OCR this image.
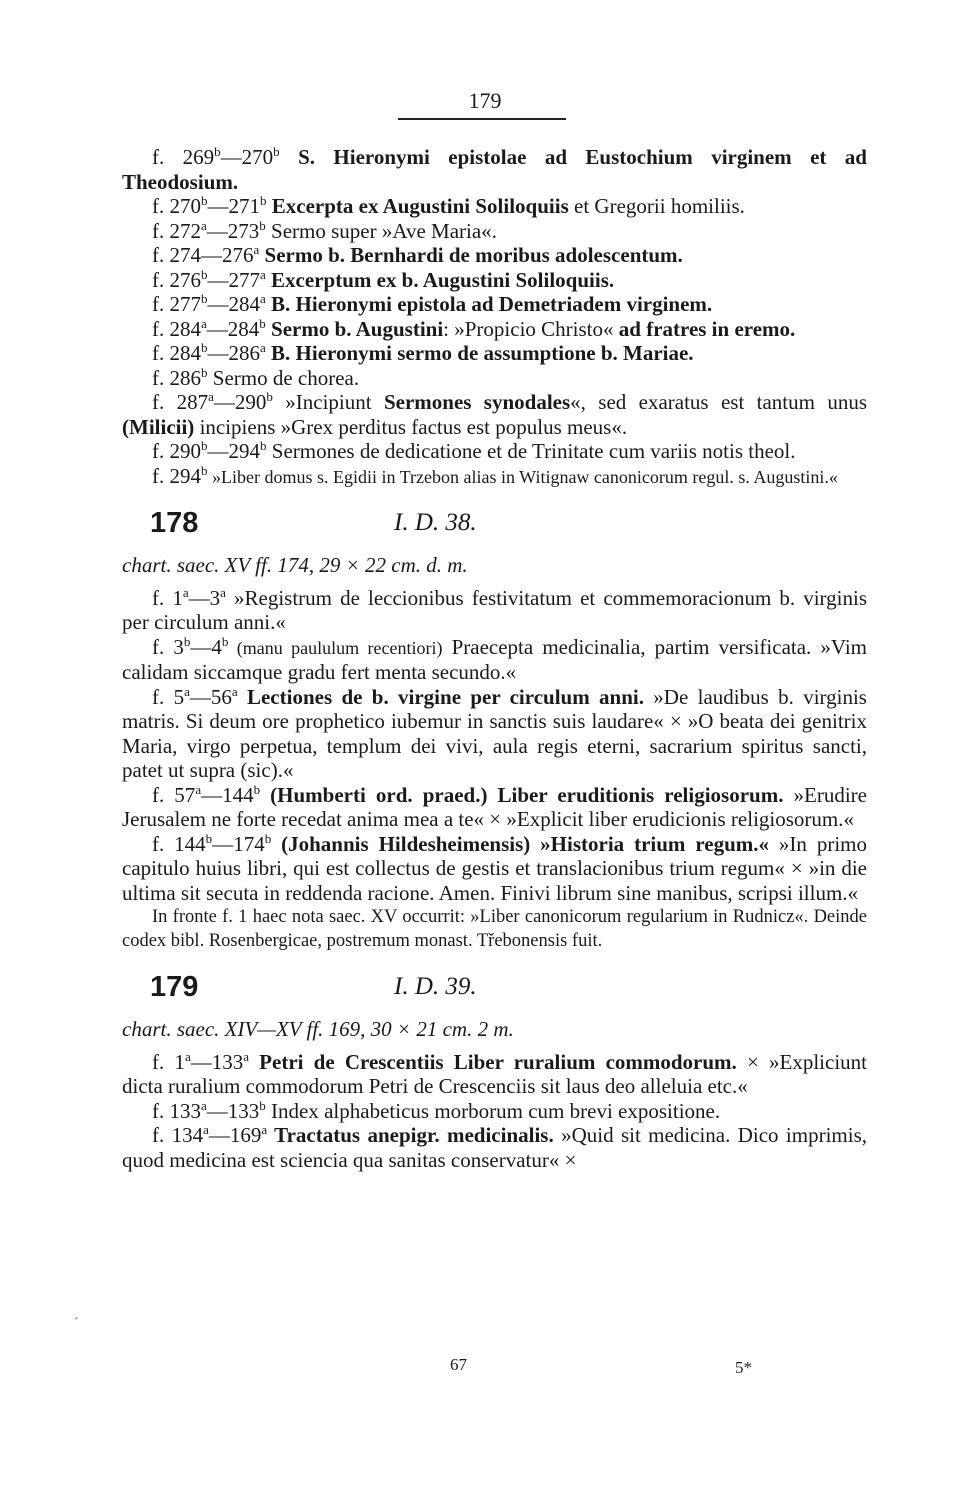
179
f. 269$^b$—270$^b$ S. Hieronymi epistolae ad Eustochium virginem et ad Theodosium.
f. 270$^b$—271$^b$ Excerpta ex Augustini Soliloquiis et Gregorii homiliis.
f. 272$^a$—273$^b$ Sermo super »Ave Maria«.
f. 274—276$^a$ Sermo b. Bernhardi de moribus adolescentum.
f. 276$^b$—277$^a$ Excerptum ex b. Augustini Soliloquiis.
f. 277$^b$—284$^a$ B. Hieronymi epistola ad Demetriadem virginem.
f. 284$^a$—284$^b$ Sermo b. Augustini: »Propicio Christo« ad fratres in eremo.
f. 284$^b$—286$^a$ B. Hieronymi sermo de assumptione b. Mariae.
f. 286$^b$ Sermo de chorea.
f. 287$^a$—290$^b$ »Incipiunt Sermones synodales«, sed exaratus est tantum unus (Milicii) incipiens »Grex perditus factus est populus meus«.
f. 290$^b$—294$^b$ Sermones de dedicatione et de Trinitate cum variis notis theol.
f. 294$^b$ »Liber domus s. Egidii in Trzebon alias in Witignaw canonicorum regul. s. Augustini.«
178	I. D. 38.
chart. saec. XV ff. 174, 29 × 22 cm. d. m.
f. 1$^a$—3$^a$ »Registrum de leccionibus festivitatum et commemoracionum b. virginis per circulum anni.«
f. 3$^b$—4$^b$ (manu paululum recentiori) Praecepta medicinalia, partim versificata. »Vim calidam siccamque gradu fert menta secundo.«
f. 5$^a$—56$^a$ Lectiones de b. virgine per circulum anni. »De laudibus b. virginis matris. Si deum ore prophetico iubemur in sanctis suis laudare« × »O beata dei genitrix Maria, virgo perpetua, templum dei vivi, aula regis eterni, sacrarium spiritus sancti, patet ut supra (sic).«
f. 57$^a$—144$^b$ (Humberti ord. praed.) Liber eruditionis religiosorum. »Erudire Jerusalem ne forte recedat anima mea a te« × »Explicit liber erudicionis religiosorum.«
f. 144$^b$—174$^b$ (Johannis Hildesheimensis) »Historia trium regum.« »In primo capitulo huius libri, qui est collectus de gestis et translacionibus trium regum« × »in die ultima sit secuta in reddenda racione. Amen. Finivi librum sine manibus, scripsi illum.«
In fronte f. 1 haec nota saec. XV occurrit: »Liber canonicorum regularium in Rudnicz«. Deinde codex bibl. Rosenbergicae, postremum monast. Třebonensis fuit.
179	I. D. 39.
chart. saec. XIV—XV ff. 169, 30 × 21 cm. 2 m.
f. 1$^a$—133$^a$ Petri de Crescentiis Liber ruralium commodorum. × »Expliciunt dicta ruralium commodorum Petri de Crescenciis sit laus deo alleluia etc.«
f. 133$^a$—133$^b$ Index alphabeticus morborum cum brevi expositione.
f. 134$^a$—169$^a$ Tractatus anepigr. medicinalis. »Quid sit medicina. Dico imprimis, quod medicina est sciencia qua sanitas conservatur« ×
ˊ
67	5*
